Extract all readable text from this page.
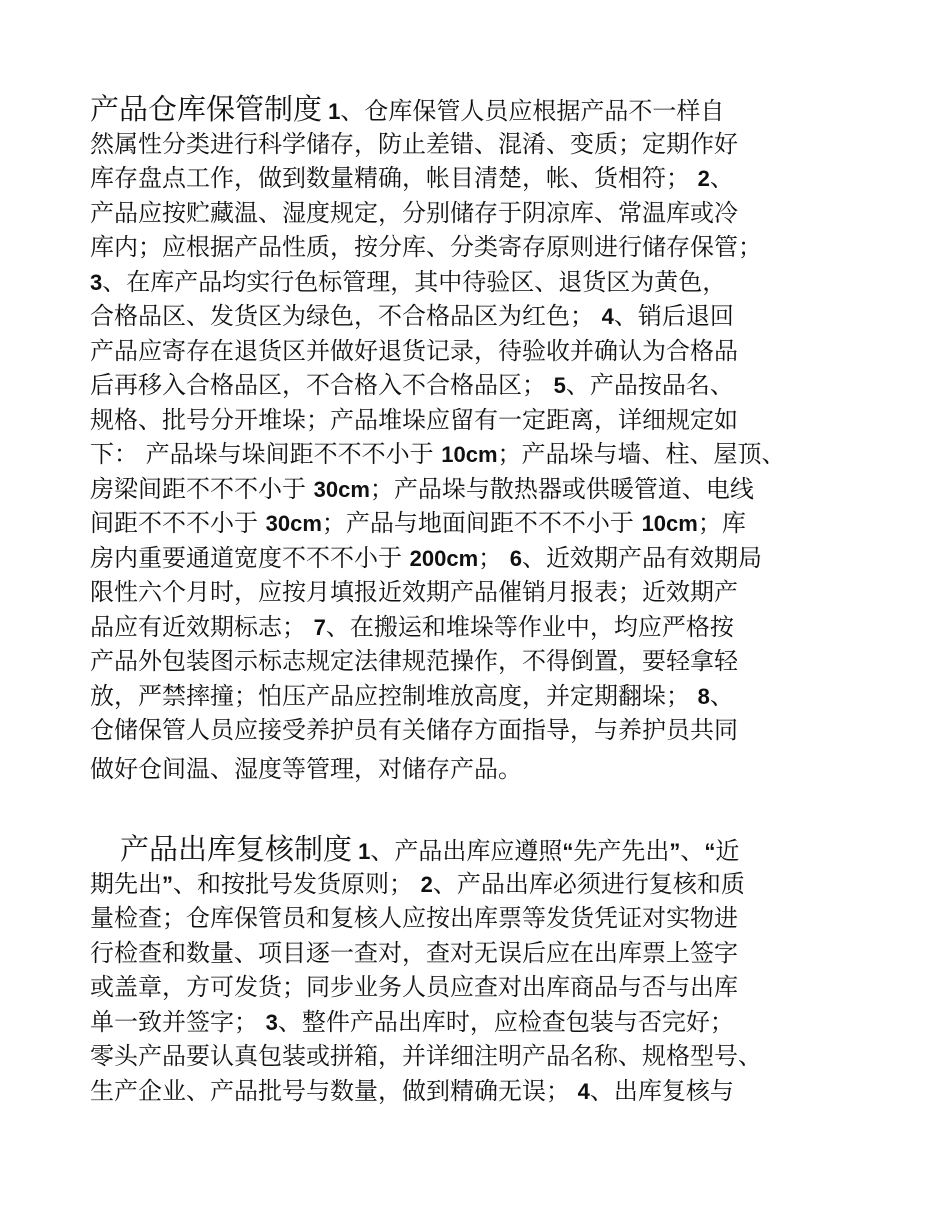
产品仓库保管制度 1、仓库保管人员应根据产品不一样自
然属性分类进行科学储存，防止差错、混淆、变质；定期作好
库存盘点工作，做到数量精确，帐目清楚，帐、货相符； 2、
产品应按贮藏温、湿度规定，分别储存于阴凉库、常温库或冷
库内；应根据产品性质，按分库、分类寄存原则进行储存保管；
3、在库产品均实行色标管理，其中待验区、退货区为黄色，
合格品区、发货区为绿色，不合格品区为红色； 4、销后退回
产品应寄存在退货区并做好退货记录，待验收并确认为合格品
后再移入合格品区，不合格入不合格品区； 5、产品按品名、
规格、批号分开堆垛；产品堆垛应留有一定距离，详细规定如
下： 产品垛与垛间距不不不小于 10cm；产品垛与墙、柱、屋顶、
房梁间距不不不小于 30cm；产品垛与散热器或供暖管道、电线
间距不不不小于 30cm；产品与地面间距不不不小于 10cm；库
房内重要通道宽度不不不小于 200cm； 6、近效期产品有效期局
限性六个月时，应按月填报近效期产品催销月报表；近效期产
品应有近效期标志； 7、在搬运和堆垛等作业中，均应严格按
产品外包装图示标志规定法律规范操作，不得倒置，要轻拿轻
放，严禁摔撞；怕压产品应控制堆放高度，并定期翻垛； 8、
仓储保管人员应接受养护员有关储存方面指导，与养护员共同
做好仓间温、湿度等管理，对储存产品。
产品出库复核制度 1、产品出库应遵照“先产先出”、“近
期先出”、和按批号发货原则； 2、产品出库必须进行复核和质
量检查；仓库保管员和复核人应按出库票等发货凭证对实物进
行检查和数量、项目逐一查对，查对无误后应在出库票上签字
或盖章，方可发货；同步业务人员应查对出库商品与否与出库
单一致并签字； 3、整件产品出库时，应检查包装与否完好；
零头产品要认真包装或拼箱，并详细注明产品名称、规格型号、
生产企业、产品批号与数量，做到精确无误； 4、出库复核与
